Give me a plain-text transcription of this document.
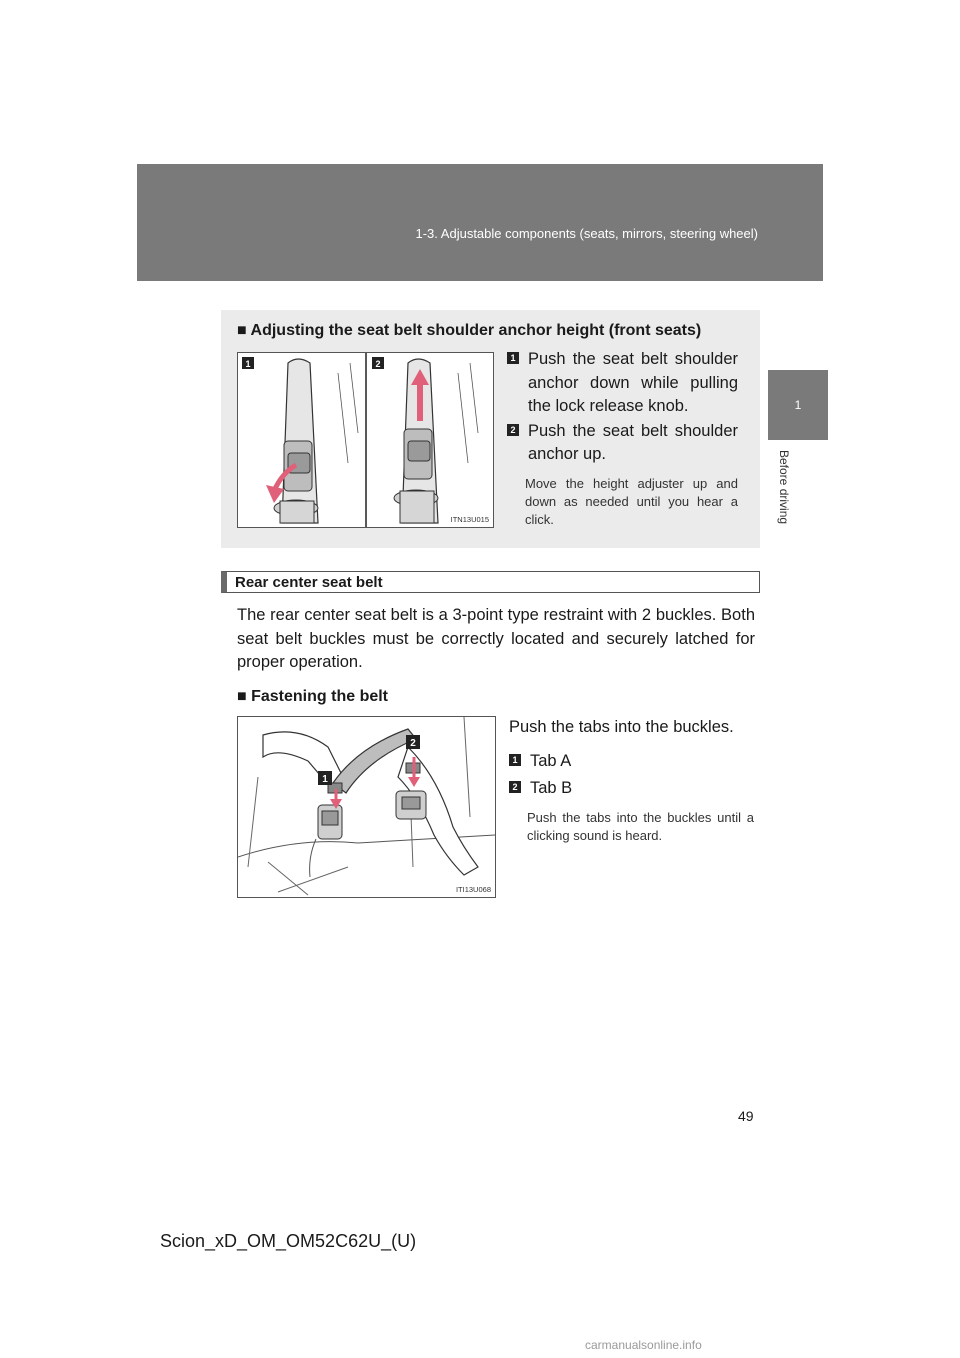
1-3. Adjustable components (seats, mirrors, steering wheel)
1
Before driving
■ Adjusting the seat belt shoulder anchor height (front seats)
1	2
ITN13U015
1 Push the seat belt shoulder anchor down while pulling the lock release knob.
2 Push the seat belt shoulder anchor up.
Move the height adjuster up and down as needed until you hear a click.
Rear center seat belt
The rear center seat belt is a 3-point type restraint with 2 buckles. Both seat belt buckles must be correctly located and securely latched for proper operation.
■ Fastening the belt
1
2
ITI13U068
Push the tabs into the buckles.
1 Tab A
2 Tab B
Push the tabs into the buckles until a clicking sound is heard.
49
Scion_xD_OM_OM52C62U_(U)
carmanualsonline.info
